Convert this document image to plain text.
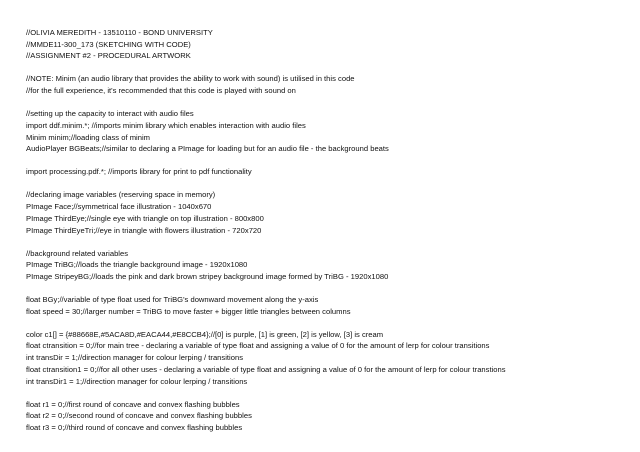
//OLIVIA MEREDITH - 13510110 - BOND UNIVERSITY
//MMDE11-300_173 (SKETCHING WITH CODE)
//ASSIGNMENT #2 - PROCEDURAL ARTWORK
//NOTE: Minim (an audio library that provides the ability to work with sound) is utilised in this code
//for the full experience, it's recommended that this code is played with sound on
//setting up the capacity to interact with audio files
import ddf.minim.*; //imports minim library which enables interaction with audio files
Minim minim;//loading class of minim
AudioPlayer BGBeats;//similar to declaring a PImage for loading but for an audio file - the background beats
import processing.pdf.*; //imports library for print to pdf functionality
//declaring image variables (reserving space in memory)
PImage Face;//symmetrical face illustration - 1040x670
PImage ThirdEye;//single eye with triangle on top illustration - 800x800
PImage ThirdEyeTri;//eye in triangle with flowers illustration - 720x720
//background related variables
PImage TriBG;//loads the triangle background image - 1920x1080
PImage StripeyBG;//loads the pink and dark brown stripey background image formed by TriBG - 1920x1080
float BGy;//variable of type float used for TriBG's downward movement along the y-axis
float speed = 30;//larger number = TriBG to move faster + bigger little triangles between columns
color c1[] = {#88668E,#5ACA8D,#EACA44,#E8CCB4};//[0] is purple, [1] is green, [2] is yellow, [3] is cream
float ctransition = 0;//for main tree - declaring a variable of type float and assigning a value of 0 for the amount of lerp for colour transitions
int transDir = 1;//direction manager for colour lerping / transitions
float ctransition1 = 0;//for all other uses - declaring a variable of type float and assigning a value of 0 for the amount of lerp for colour transtions
int transDir1 = 1;//direction manager for colour lerping / transitions
float r1 = 0;//first round of concave and convex flashing bubbles
float r2 = 0;//second round of concave and convex flashing bubbles
float r3 = 0;//third round of concave and convex flashing bubbles
